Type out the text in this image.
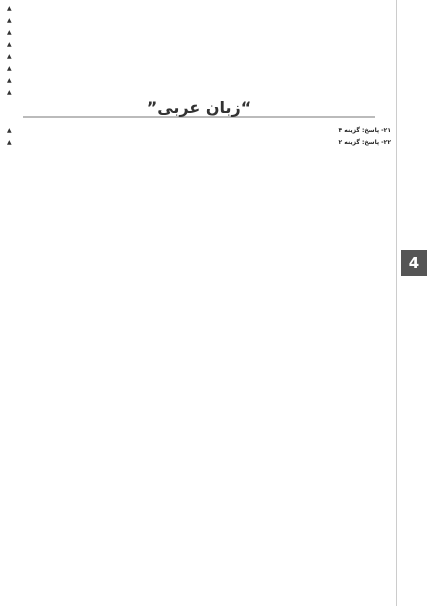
4
▲
▲
▲
▲
▲
▲
▲
▲
“زبان عربی”
۲۱- پاسخ: گزینه ۴
▲
۲۲- پاسخ: گزینه ۲
▲
